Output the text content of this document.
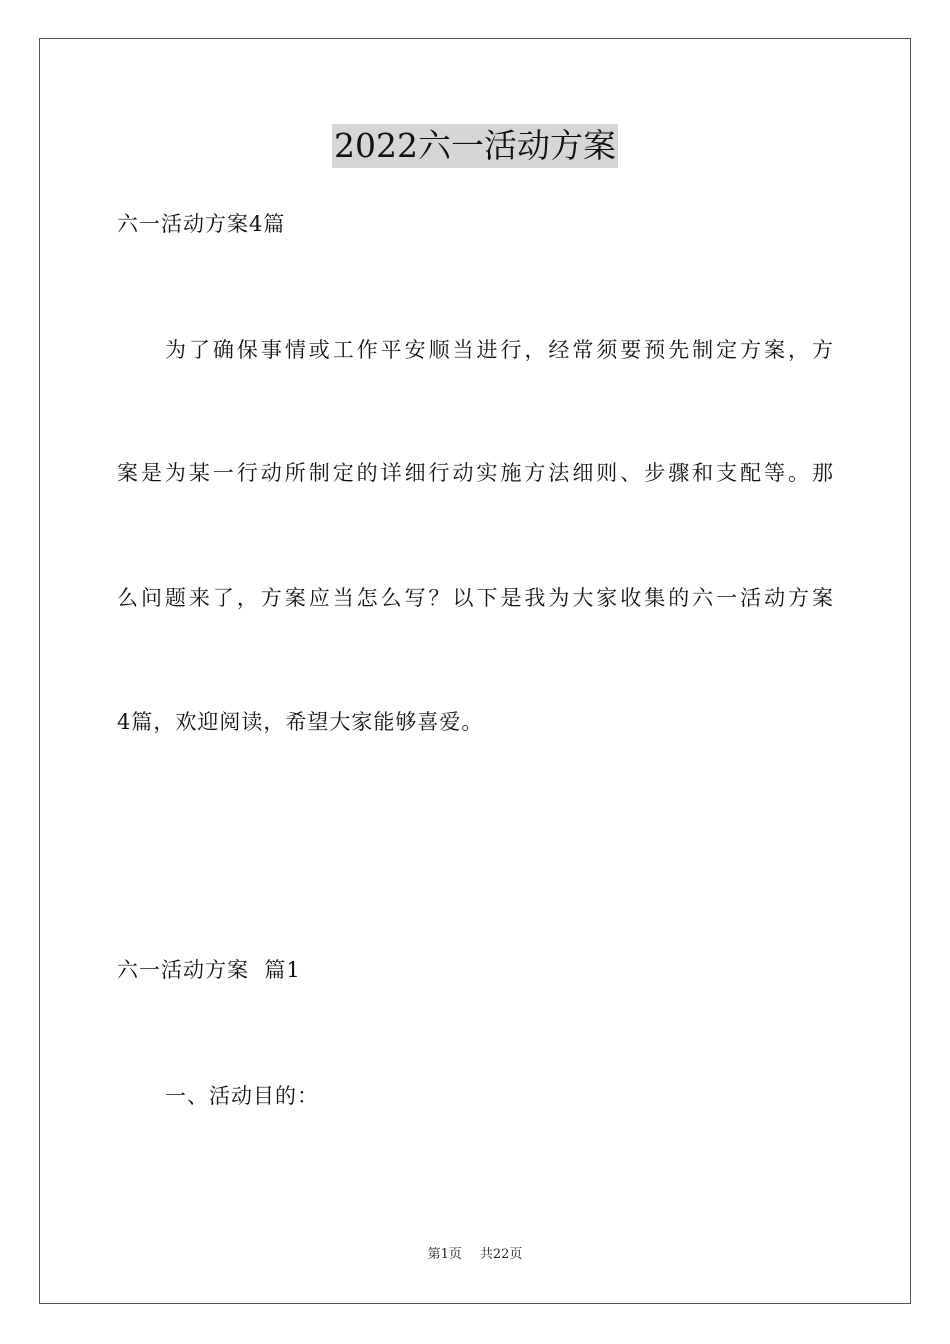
2022六一活动方案
六一活动方案4篇
为了确保事情或工作平安顺当进行，经常须要预先制定方案，方
案是为某一行动所制定的详细行动实施方法细则、步骤和支配等。那
么问题来了，方案应当怎么写？以下是我为大家收集的六一活动方案
4篇，欢迎阅读，希望大家能够喜爱。
六一活动方案  篇1
一、活动目的：
第1页 共22页
